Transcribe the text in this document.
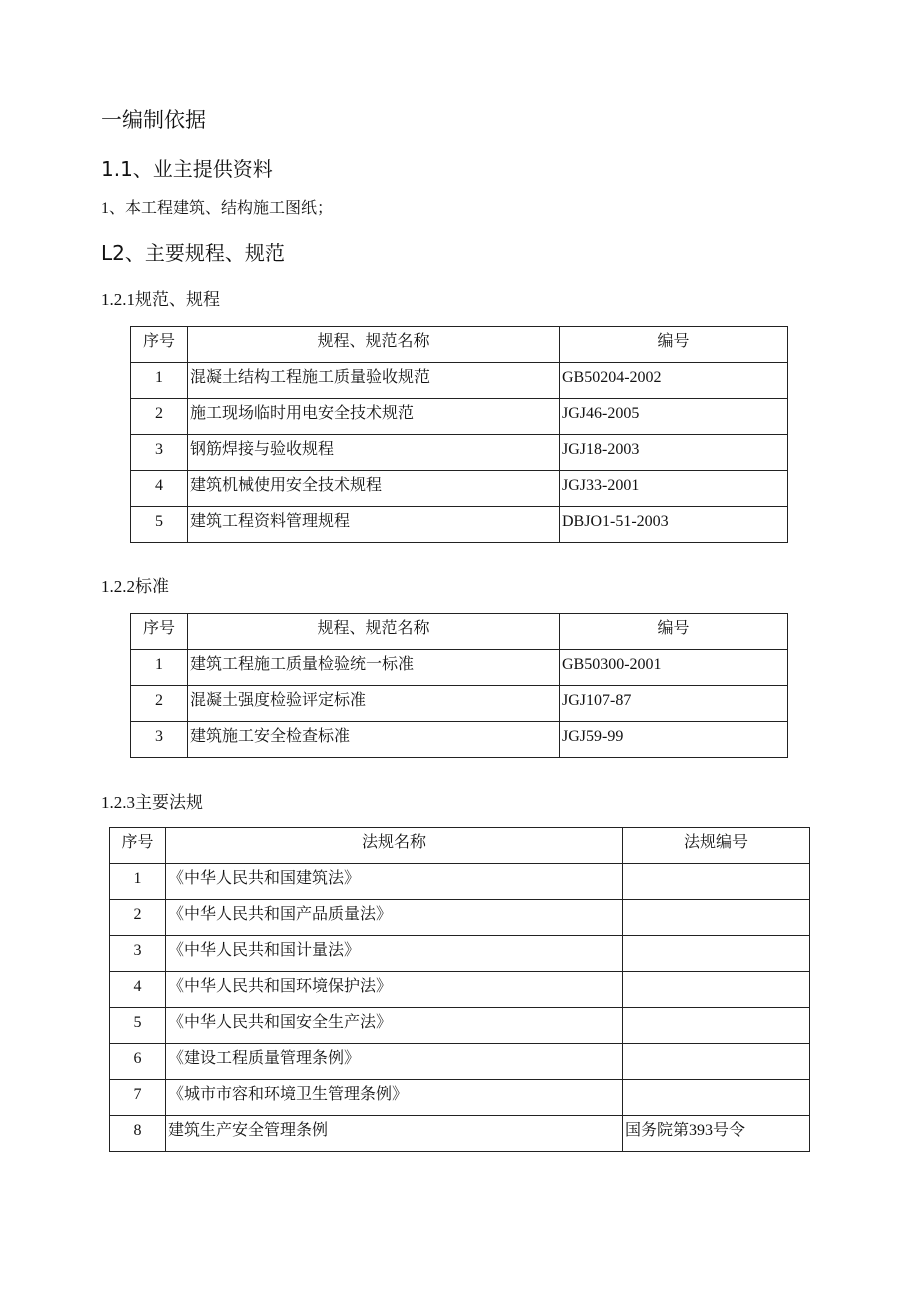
一编制依据
1.1、业主提供资料
1、本工程建筑、结构施工图纸；
L2、主要规程、规范
1.2.1规范、规程
序号	规程、规范名称	编号
1	混凝土结构工程施工质量验收规范	GB50204-2002
2	施工现场临时用电安全技术规范	JGJ46-2005
3	钢筋焊接与验收规程	JGJ18-2003
4	建筑机械使用安全技术规程	JGJ33-2001
5	建筑工程资料管理规程	DBJO1-51-2003
1.2.2标准
序号	规程、规范名称	编号
1	建筑工程施工质量检验统一标准	GB50300-2001
2	混凝土强度检验评定标准	JGJ107-87
3	建筑施工安全检查标准	JGJ59-99
1.2.3主要法规
序号	法规名称	法规编号
1	《中华人民共和国建筑法》	
2	《中华人民共和国产品质量法》	
3	《中华人民共和国计量法》	
4	《中华人民共和国环境保护法》	
5	《中华人民共和国安全生产法》	
6	《建设工程质量管理条例》	
7	《城市市容和环境卫生管理条例》	
8	建筑生产安全管理条例	国务院第393号令
